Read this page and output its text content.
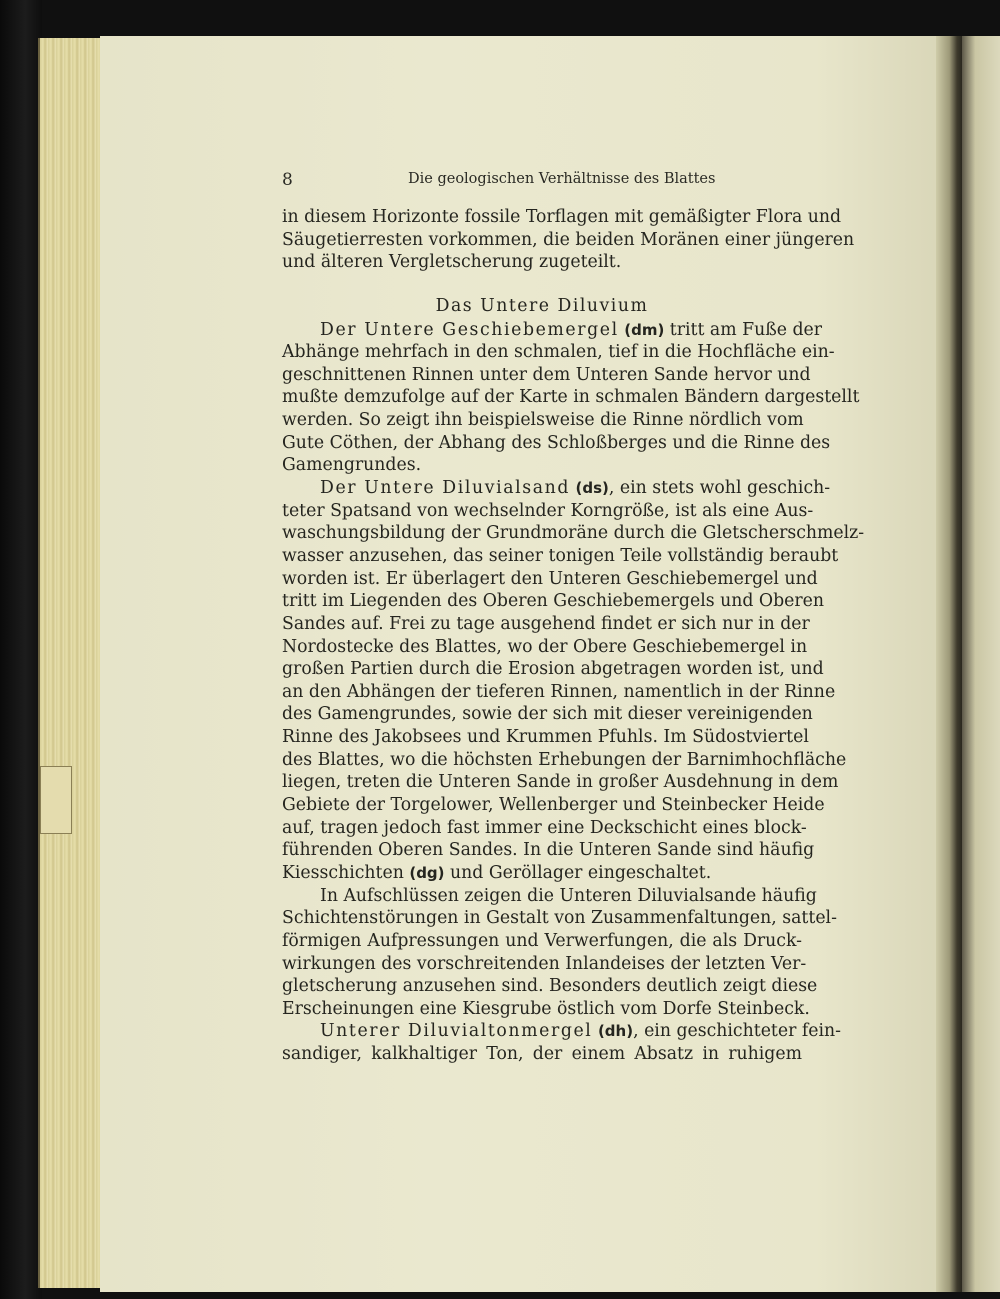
8	Die geologischen Verhältnisse des Blattes
in diesem Horizonte fossile Torflagen mit gemäßigter Flora und
Säugetierresten vorkommen, die beiden Moränen einer jüngeren
und älteren Vergletscherung zugeteilt.
Das Untere Diluvium
Der Untere Geschiebemergel (dm) tritt am Fuße der
Abhänge mehrfach in den schmalen, tief in die Hochfläche ein-
geschnittenen Rinnen unter dem Unteren Sande hervor und
mußte demzufolge auf der Karte in schmalen Bändern dargestellt
werden. So zeigt ihn beispielsweise die Rinne nördlich vom
Gute Cöthen, der Abhang des Schloßberges und die Rinne des
Gamengrundes.
Der Untere Diluvialsand (ds), ein stets wohl geschich-
teter Spatsand von wechselnder Korngröße, ist als eine Aus-
waschungsbildung der Grundmoräne durch die Gletscherschmelz-
wasser anzusehen, das seiner tonigen Teile vollständig beraubt
worden ist. Er überlagert den Unteren Geschiebemergel und
tritt im Liegenden des Oberen Geschiebemergels und Oberen
Sandes auf. Frei zu tage ausgehend findet er sich nur in der
Nordostecke des Blattes, wo der Obere Geschiebemergel in
großen Partien durch die Erosion abgetragen worden ist, und
an den Abhängen der tieferen Rinnen, namentlich in der Rinne
des Gamengrundes, sowie der sich mit dieser vereinigenden
Rinne des Jakobsees und Krummen Pfuhls. Im Südostviertel
des Blattes, wo die höchsten Erhebungen der Barnimhochfläche
liegen, treten die Unteren Sande in großer Ausdehnung in dem
Gebiete der Torgelower, Wellenberger und Steinbecker Heide
auf, tragen jedoch fast immer eine Deckschicht eines block-
führenden Oberen Sandes. In die Unteren Sande sind häufig
Kiesschichten (dg) und Geröllager eingeschaltet.
In Aufschlüssen zeigen die Unteren Diluvialsande häufig
Schichtenstörungen in Gestalt von Zusammenfaltungen, sattel-
förmigen Aufpressungen und Verwerfungen, die als Druck-
wirkungen des vorschreitenden Inlandeises der letzten Ver-
gletscherung anzusehen sind. Besonders deutlich zeigt diese
Erscheinungen eine Kiesgrube östlich vom Dorfe Steinbeck.
Unterer Diluvialtonmergel (dh), ein geschichteter fein-
sandiger, kalkhaltiger Ton, der einem Absatz in ruhigem
